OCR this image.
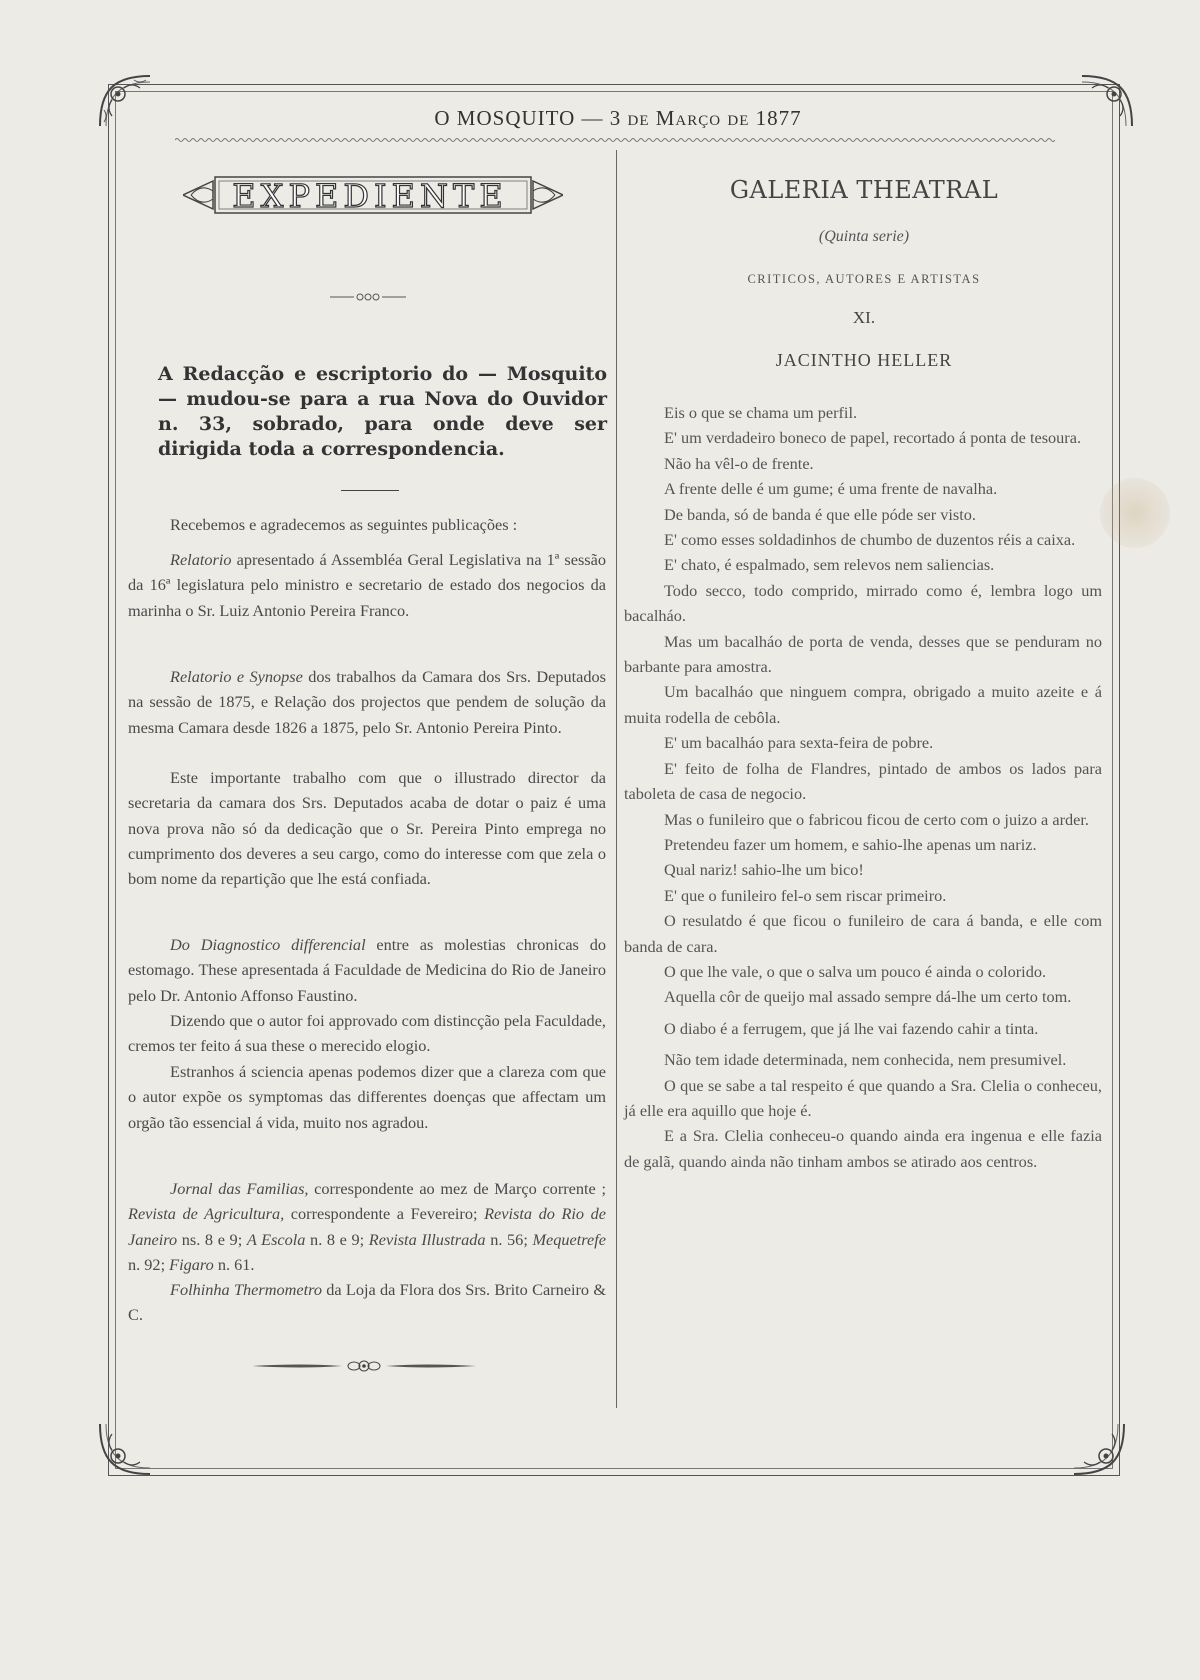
O MOSQUITO — 3 de Março de 1877
EXPEDIENTE
A Redacção e escriptorio do — Mosquito — mudou-se para a rua Nova do Ouvidor n. 33, sobrado, para onde deve ser dirigida toda a correspondencia.
Recebemos e agradecemos as seguintes publicações :
Relatorio apresentado á Assembléa Geral Legislativa na 1ª sessão da 16ª legislatura pelo ministro e secretario de estado dos negocios da marinha o Sr. Luiz Antonio Pereira Franco.
Relatorio e Synopse dos trabalhos da Camara dos Srs. Deputados na sessão de 1875, e Relação dos projectos que pendem de solução da mesma Camara desde 1826 a 1875, pelo Sr. Antonio Pereira Pinto.
Este importante trabalho com que o illustrado director da secretaria da camara dos Srs. Deputados acaba de dotar o paiz é uma nova prova não só da dedicação que o Sr. Pereira Pinto emprega no cumprimento dos deveres a seu cargo, como do interesse com que zela o bom nome da repartição que lhe está confiada.
Do Diagnostico differencial entre as molestias chronicas do estomago. These apresentada á Faculdade de Medicina do Rio de Janeiro pelo Dr. Antonio Affonso Faustino.
Dizendo que o autor foi approvado com distincção pela Faculdade, cremos ter feito á sua these o merecido elogio.
Estranhos á sciencia apenas podemos dizer que a clareza com que o autor expõe os symptomas das differentes doenças que affectam um orgão tão essencial á vida, muito nos agradou.
Jornal das Familias, correspondente ao mez de Março corrente ; Revista de Agricultura, correspondente a Fevereiro; Revista do Rio de Janeiro ns. 8 e 9; A Escola n. 8 e 9; Revista Illustrada n. 56; Mequetrefe n. 92; Figaro n. 61.
Folhinha Thermometro da Loja da Flora dos Srs. Brito Carneiro & C.
GALERIA THEATRAL
(Quinta serie)
CRITICOS, AUTORES E ARTISTAS
XI.
JACINTHO HELLER

Eis o que se chama um perfil.

E' um verdadeiro boneco de papel, recortado á ponta de tesoura.

Não ha vêl-o de frente.

A frente delle é um gume; é uma frente de navalha.

De banda, só de banda é que elle póde ser visto.

E' como esses soldadinhos de chumbo de duzentos réis a caixa.

E' chato, é espalmado, sem relevos nem saliencias.

Todo secco, todo comprido, mirrado como é, lembra logo um bacalháo.

Mas um bacalháo de porta de venda, desses que se penduram no barbante para amostra.

Um bacalháo que ninguem compra, obrigado a muito azeite e á muita rodella de cebôla.

E' um bacalháo para sexta-feira de pobre.

E' feito de folha de Flandres, pintado de ambos os lados para taboleta de casa de negocio.

Mas o funileiro que o fabricou ficou de certo com o juizo a arder.

Pretendeu fazer um homem, e sahio-lhe apenas um nariz.

Qual nariz! sahio-lhe um bico!

E' que o funileiro fel-o sem riscar primeiro.

O resulatdo é que ficou o funileiro de cara á banda, e elle com banda de cara.

O que lhe vale, o que o salva um pouco é ainda o colorido.

Aquella côr de queijo mal assado sempre dá-lhe um certo tom.

O diabo é a ferrugem, que já lhe vai fazendo cahir a tinta.

Não tem idade determinada, nem conhecida, nem presumivel.

O que se sabe a tal respeito é que quando a Sra. Clelia o conheceu, já elle era aquillo que hoje é.

E a Sra. Clelia conheceu-o quando ainda era ingenua e elle fazia de galã, quando ainda não tinham ambos se atirado aos centros.
